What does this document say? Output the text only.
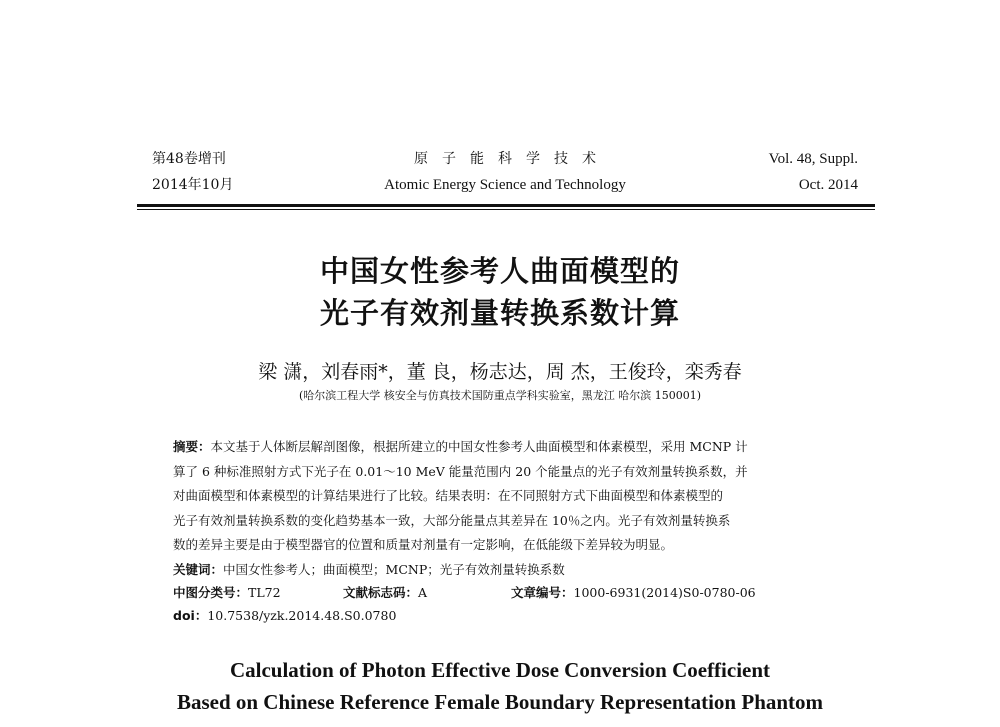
第48卷增刊	原子能科学技术	Vol. 48, Suppl.
2014年10月	Atomic Energy Science and Technology	Oct. 2014
中国女性参考人曲面模型的
光子有效剂量转换系数计算
梁 潇，刘春雨*，董 良，杨志达，周 杰，王俊玲，栾秀春
(哈尔滨工程大学 核安全与仿真技术国防重点学科实验室，黑龙江 哈尔滨 150001)
摘要：本文基于人体断层解剖图像，根据所建立的中国女性参考人曲面模型和体素模型，采用 MCNP 计
算了 6 种标准照射方式下光子在 0.01～10 MeV 能量范围内 20 个能量点的光子有效剂量转换系数，并
对曲面模型和体素模型的计算结果进行了比较。结果表明：在不同照射方式下曲面模型和体素模型的
光子有效剂量转换系数的变化趋势基本一致，大部分能量点其差异在 10％之内。光子有效剂量转换系
数的差异主要是由于模型器官的位置和质量对剂量有一定影响，在低能级下差异较为明显。
关键词：中国女性参考人；曲面模型；MCNP；光子有效剂量转换系数
中图分类号：TL72	文献标志码：A	文章编号：1000-6931(2014)S0-0780-06
doi：10.7538/yzk.2014.48.S0.0780
Calculation of Photon Effective Dose Conversion Coefficient
Based on Chinese Reference Female Boundary Representation Phantom
